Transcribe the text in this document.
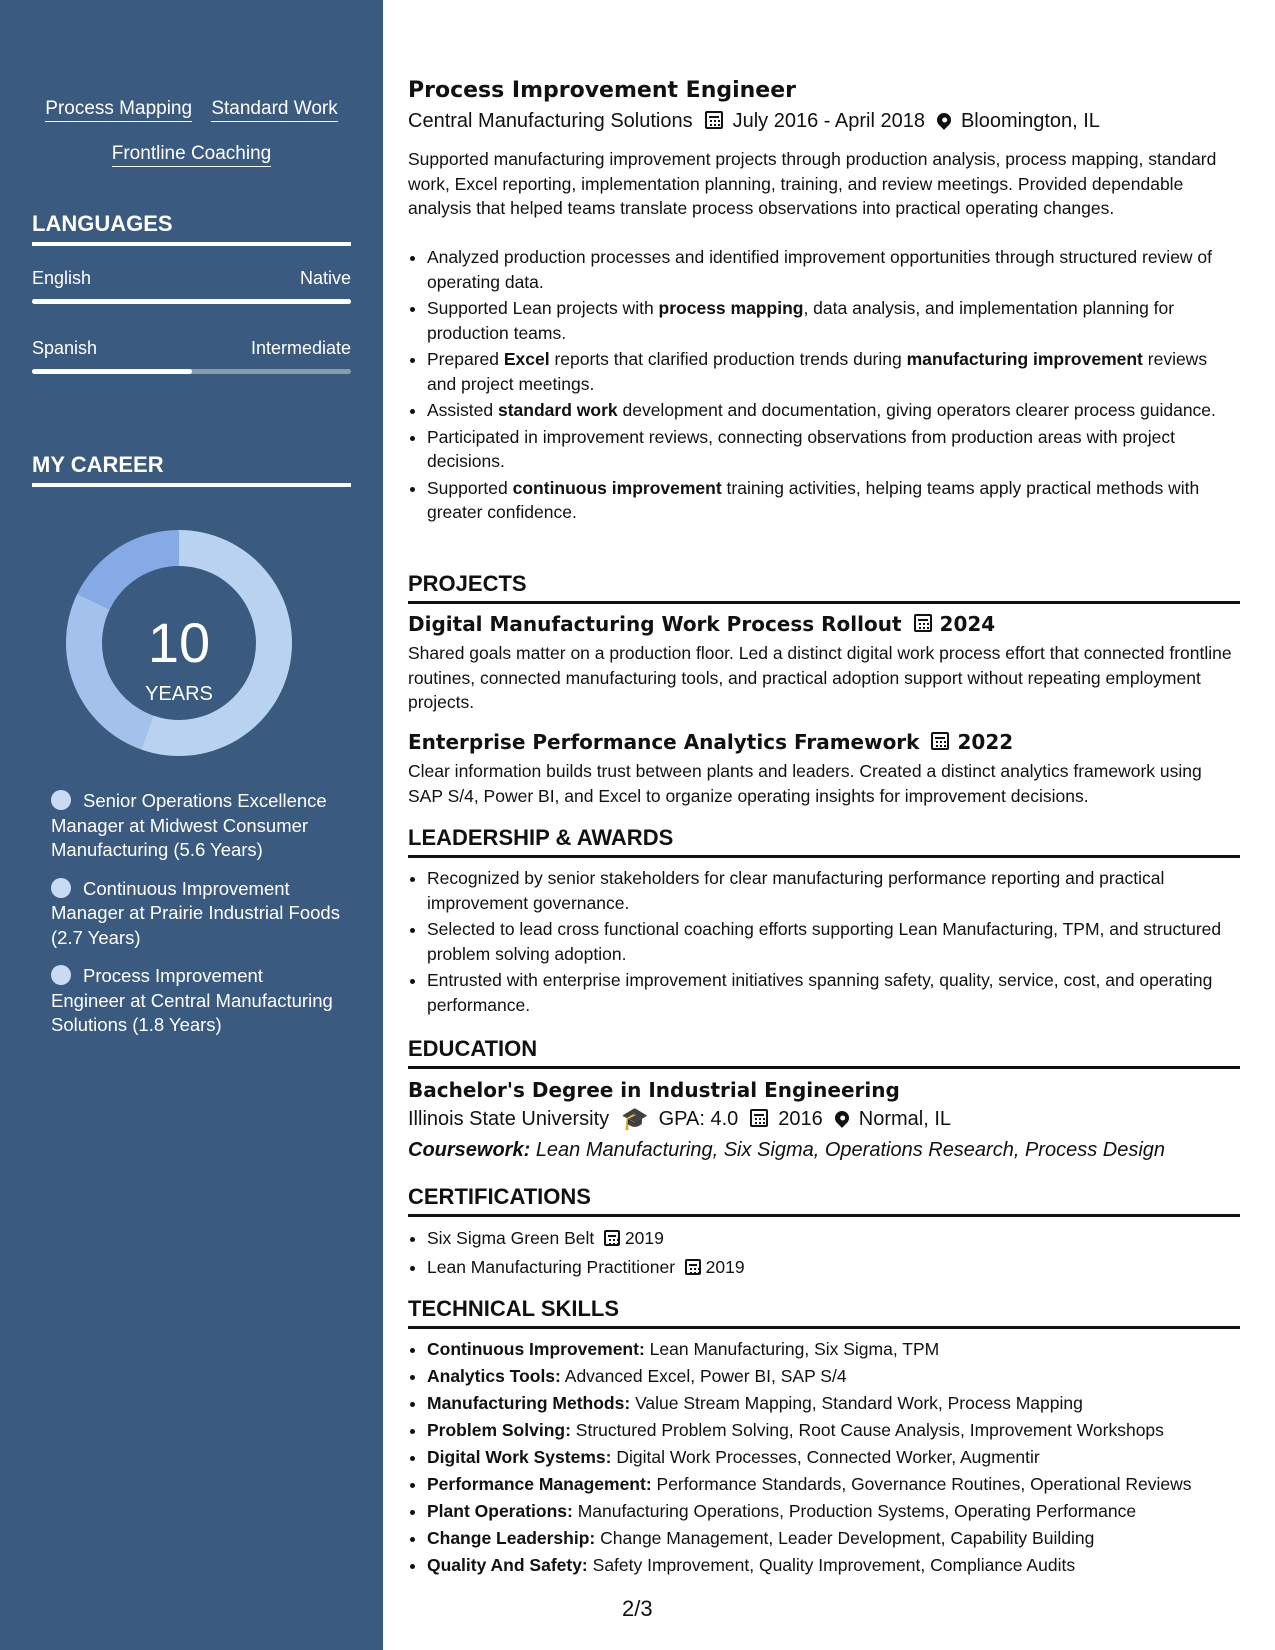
Process Mapping Standard Work
Frontline Coaching
LANGUAGES
English	Native
Spanish	Intermediate
MY CAREER
10
YEARS
Senior Operations Excellence Manager at Midwest Consumer Manufacturing (5.6 Years)
Continuous Improvement Manager at Prairie Industrial Foods (2.7 Years)
Process Improvement Engineer at Central Manufacturing Solutions (1.8 Years)
Process Improvement Engineer
Central Manufacturing Solutions July 2016 - April 2018 Bloomington, IL
Supported manufacturing improvement projects through production analysis, process mapping, standard work, Excel reporting, implementation planning, training, and review meetings. Provided dependable analysis that helped teams translate process observations into practical operating changes.
• Analyzed production processes and identified improvement opportunities through structured review of operating data.
• Supported Lean projects with process mapping, data analysis, and implementation planning for production teams.
• Prepared Excel reports that clarified production trends during manufacturing improvement reviews and project meetings.
• Assisted standard work development and documentation, giving operators clearer process guidance.
• Participated in improvement reviews, connecting observations from production areas with project decisions.
• Supported continuous improvement training activities, helping teams apply practical methods with greater confidence.
PROJECTS
Digital Manufacturing Work Process Rollout 2024
Shared goals matter on a production floor. Led a distinct digital work process effort that connected frontline routines, connected manufacturing tools, and practical adoption support without repeating employment projects.
Enterprise Performance Analytics Framework 2022
Clear information builds trust between plants and leaders. Created a distinct analytics framework using SAP S/4, Power BI, and Excel to organize operating insights for improvement decisions.
LEADERSHIP & AWARDS
• Recognized by senior stakeholders for clear manufacturing performance reporting and practical improvement governance.
• Selected to lead cross functional coaching efforts supporting Lean Manufacturing, TPM, and structured problem solving adoption.
• Entrusted with enterprise improvement initiatives spanning safety, quality, service, cost, and operating performance.
EDUCATION
Bachelor's Degree in Industrial Engineering
Illinois State University 🎓 GPA: 4.0 2016 Normal, IL
Coursework:
Lean Manufacturing, Six Sigma, Operations Research, Process Design
CERTIFICATIONS
• Six Sigma Green Belt 2019
• Lean Manufacturing Practitioner 2019
TECHNICAL SKILLS
• Continuous Improvement: Lean Manufacturing, Six Sigma, TPM
• Analytics Tools: Advanced Excel, Power BI, SAP S/4
• Manufacturing Methods: Value Stream Mapping, Standard Work, Process Mapping
• Problem Solving: Structured Problem Solving, Root Cause Analysis, Improvement Workshops
• Digital Work Systems: Digital Work Processes, Connected Worker, Augmentir
• Performance Management: Performance Standards, Governance Routines, Operational Reviews
• Plant Operations: Manufacturing Operations, Production Systems, Operating Performance
• Change Leadership: Change Management, Leader Development, Capability Building
• Quality And Safety: Safety Improvement, Quality Improvement, Compliance Audits
2/3
